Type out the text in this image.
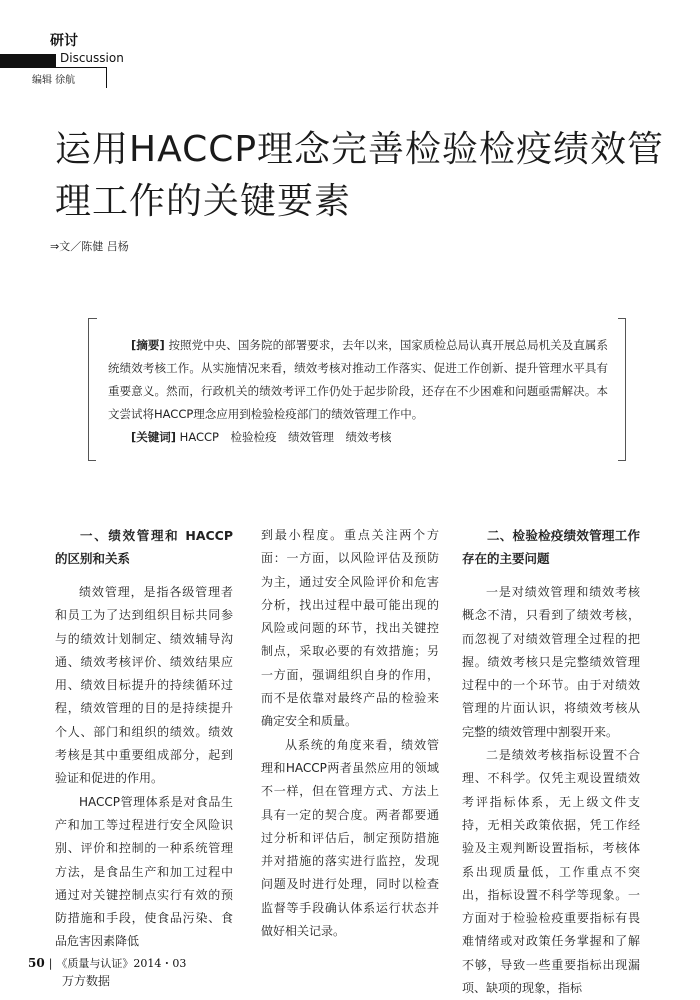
研讨
Discussion
编辑 徐航
运用HACCP理念完善检验检疫绩效管理工作的关键要素
⇒文／陈健 吕杨
[摘要] 按照党中央、国务院的部署要求，去年以来，国家质检总局认真开展总局机关及直属系统绩效考核工作。从实施情况来看，绩效考核对推动工作落实、促进工作创新、提升管理水平具有重要意义。然而，行政机关的绩效考评工作仍处于起步阶段，还存在不少困难和问题亟需解决。本文尝试将HACCP理念应用到检验检疫部门的绩效管理工作中。
[关键词] HACCP　检验检疫　绩效管理　绩效考核
一、绩效管理和 HACCP 的区别和关系

绩效管理，是指各级管理者和员工为了达到组织目标共同参与的绩效计划制定、绩效辅导沟通、绩效考核评价、绩效结果应用、绩效目标提升的持续循环过程，绩效管理的目的是持续提升个人、部门和组织的绩效。绩效考核是其中重要组成部分，起到验证和促进的作用。

HACCP管理体系是对食品生产和加工等过程进行安全风险识别、评价和控制的一种系统管理方法，是食品生产和加工过程中通过对关键控制点实行有效的预防措施和手段，使食品污染、食品危害因素降低

到最小程度。重点关注两个方面：一方面，以风险评估及预防为主，通过安全风险评价和危害分析，找出过程中最可能出现的风险或问题的环节，找出关键控制点，采取必要的有效措施；另一方面，强调组织自身的作用，而不是依靠对最终产品的检验来确定安全和质量。

从系统的角度来看，绩效管理和HACCP两者虽然应用的领域不一样，但在管理方式、方法上具有一定的契合度。两者都要通过分析和评估后，制定预防措施并对措施的落实进行监控，发现问题及时进行处理，同时以检查监督等手段确认体系运行状态并做好相关记录。

二、检验检疫绩效管理工作存在的主要问题

一是对绩效管理和绩效考核概念不清，只看到了绩效考核，而忽视了对绩效管理全过程的把握。绩效考核只是完整绩效管理过程中的一个环节。由于对绩效管理的片面认识，将绩效考核从完整的绩效管理中割裂开来。

二是绩效考核指标设置不合理、不科学。仅凭主观设置绩效考评指标体系，无上级文件支持，无相关政策依据，凭工作经验及主观判断设置指标，考核体系出现质量低，工作重点不突出，指标设置不科学等现象。一方面对于检验检疫重要指标有畏难情绪或对政策任务掌握和了解不够，导致一些重要指标出现漏项、缺项的现象，指标

50 | 《质量与认证》2014・03
万方数据
